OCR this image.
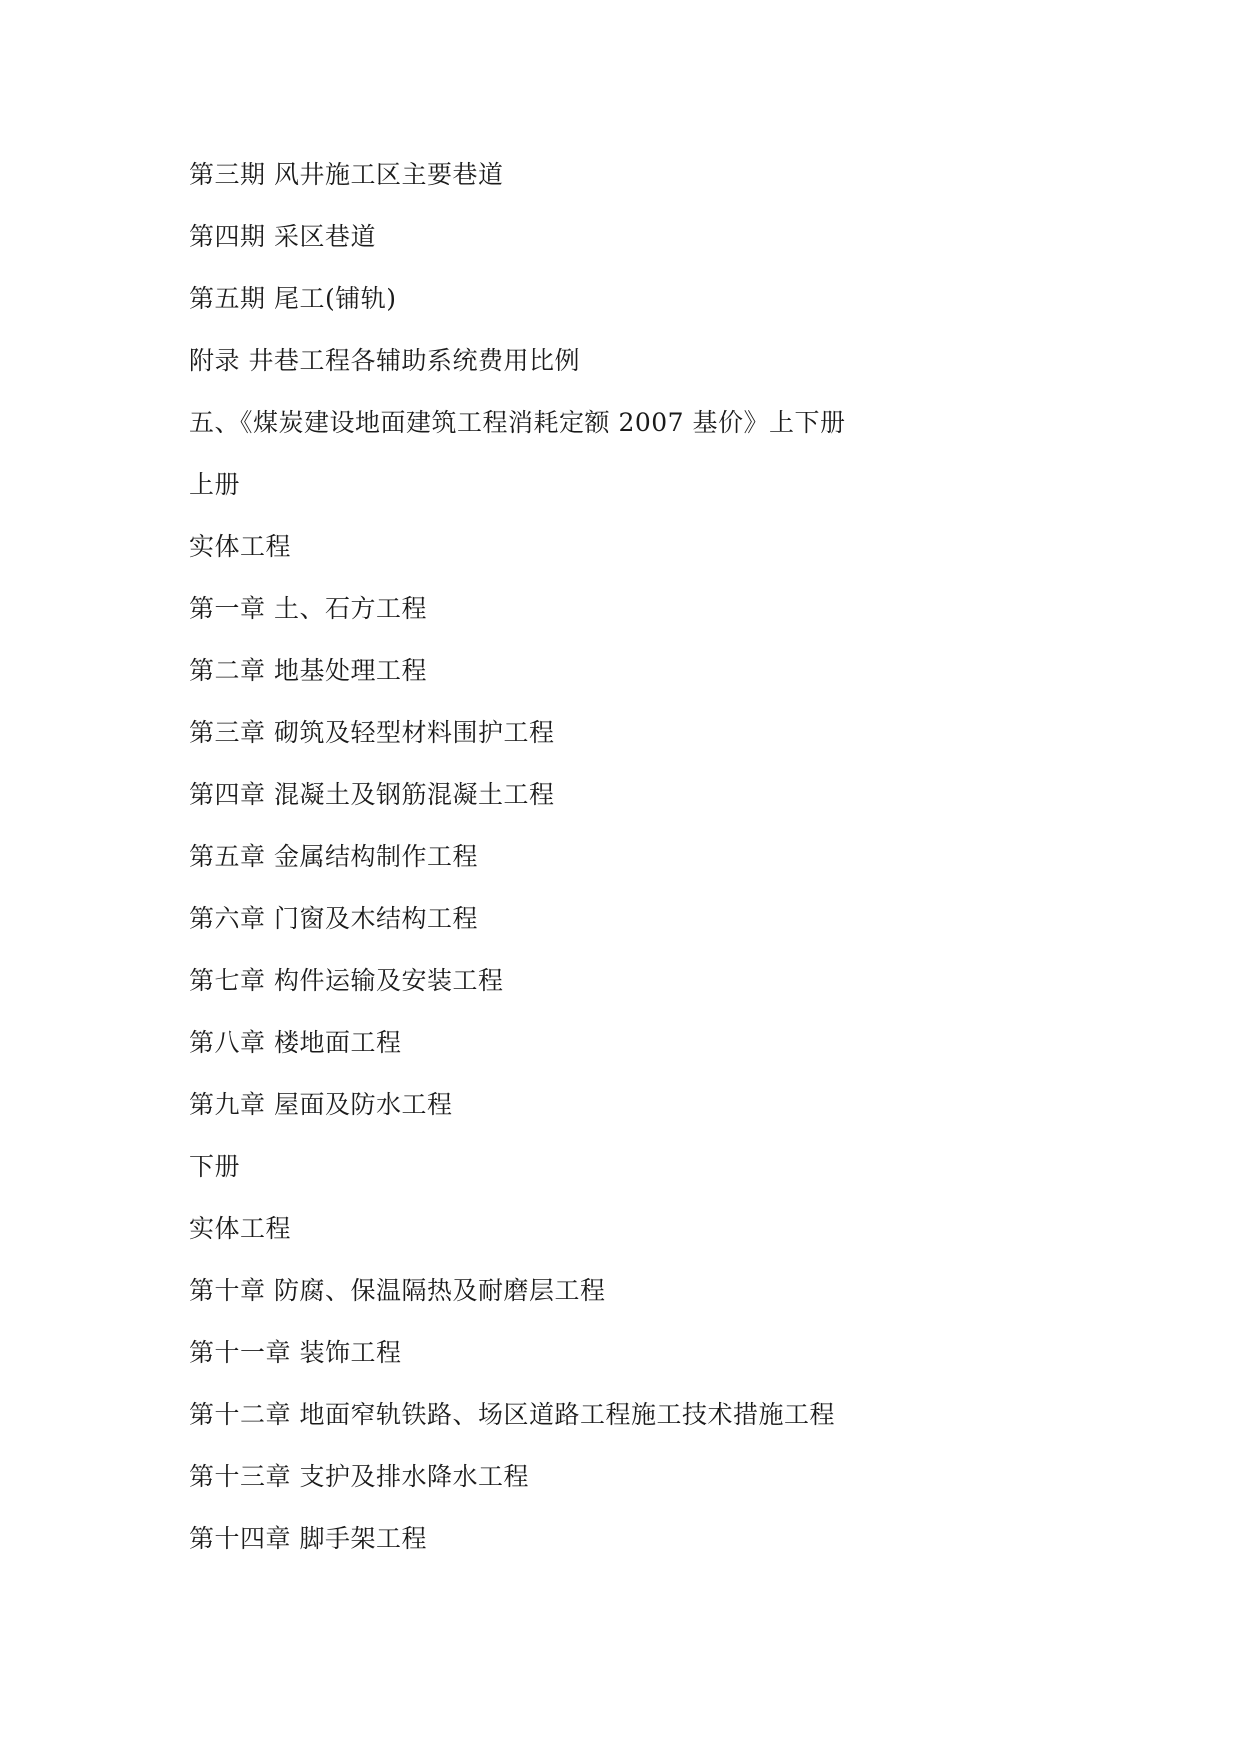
第三期 风井施工区主要巷道
第四期 采区巷道
第五期 尾工(铺轨)
附录 井巷工程各辅助系统费用比例
五、《煤炭建设地面建筑工程消耗定额 2007 基价》上下册
上册
实体工程
第一章 土、石方工程
第二章 地基处理工程
第三章 砌筑及轻型材料围护工程
第四章 混凝土及钢筋混凝土工程
第五章 金属结构制作工程
第六章 门窗及木结构工程
第七章 构件运输及安装工程
第八章 楼地面工程
第九章 屋面及防水工程
下册
实体工程
第十章 防腐、保温隔热及耐磨层工程
第十一章 装饰工程
第十二章 地面窄轨铁路、场区道路工程施工技术措施工程
第十三章 支护及排水降水工程
第十四章 脚手架工程
